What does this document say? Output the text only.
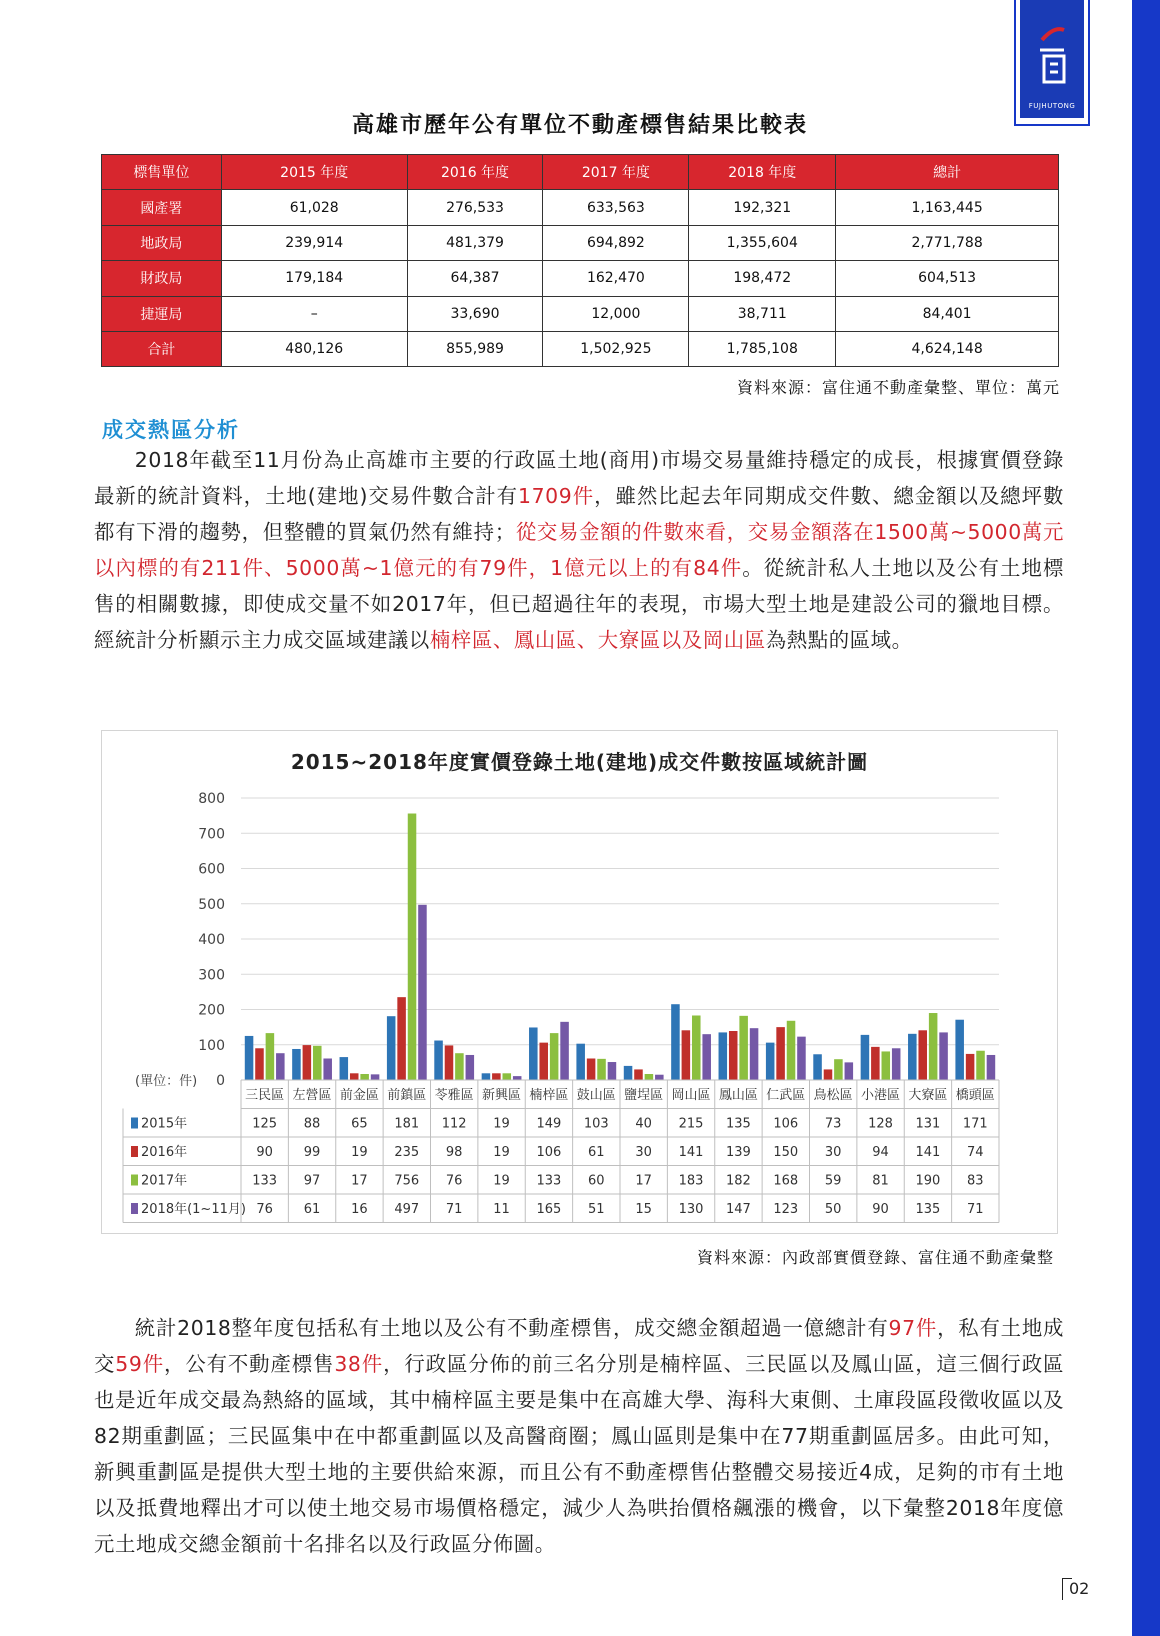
FUJHUTONG
高雄市歷年公有單位不動產標售結果比較表
標售單位	2015 年度	2016 年度	2017 年度	2018 年度	總計
國產署	61,028	276,533	633,563	192,321	1,163,445
地政局	239,914	481,379	694,892	1,355,604	2,771,788
財政局	179,184	64,387	162,470	198,472	604,513
捷運局	–	33,690	12,000	38,711	84,401
合計	480,126	855,989	1,502,925	1,785,108	4,624,148
資料來源：富住通不動產彙整、單位：萬元
成交熱區分析

2018年截至11月份為止高雄市主要的行政區土地(商用)市場交易量維持穩定的成長，根據實價登錄最新的統計資料，土地(建地)交易件數合計有1709件，雖然比起去年同期成交件數、總金額以及總坪數都有下滑的趨勢，但整體的買氣仍然有維持；從交易金額的件數來看，交易金額落在1500萬~5000萬元以內標的有211件、5000萬~1億元的有79件，1億元以上的有84件。從統計私人土地以及公有土地標售的相關數據，即使成交量不如2017年，但已超過往年的表現，市場大型土地是建設公司的獵地目標。經統計分析顯示主力成交區域建議以楠梓區、鳳山區、大寮區以及岡山區為熱點的區域。

2015~2018年度實價登錄土地(建地)成交件數按區域統計圖
0
100
200
300
400
500
600
700
800
(單位：件)
三民區 左營區 前金區 前鎮區 苓雅區 新興區 楠梓區 鼓山區 鹽埕區 岡山區 鳳山區 仁武區 鳥松區 小港區 大寮區 橋頭區
2015年	125 88 65 181 112 19 149 103 40 215 135 106 73 128 131 171
2016年	90 99 19 235 98 19 106 61 30 141 139 150 30 94 141 74
2017年	133 97 17 756 76 19 133 60 17 183 182 168 59 81 190 83
2018年(1~11月) 76 61 16 497 71 11 165 51 15 130 147 123 50 90 135 71
資料來源：內政部實價登錄、富住通不動產彙整

統計2018整年度包括私有土地以及公有不動產標售，成交總金額超過一億總計有97件，私有土地成交59件，公有不動產標售38件，行政區分佈的前三名分別是楠梓區、三民區以及鳳山區，這三個行政區也是近年成交最為熱絡的區域，其中楠梓區主要是集中在高雄大學、海科大東側、土庫段區段徵收區以及82期重劃區；三民區集中在中都重劃區以及高醫商圈；鳳山區則是集中在77期重劃區居多。由此可知，新興重劃區是提供大型土地的主要供給來源，而且公有不動產標售佔整體交易接近4成，足夠的市有土地以及抵費地釋出才可以使土地交易市場價格穩定，減少人為哄抬價格飆漲的機會，以下彙整2018年度億元土地成交總金額前十名排名以及行政區分佈圖。

02
